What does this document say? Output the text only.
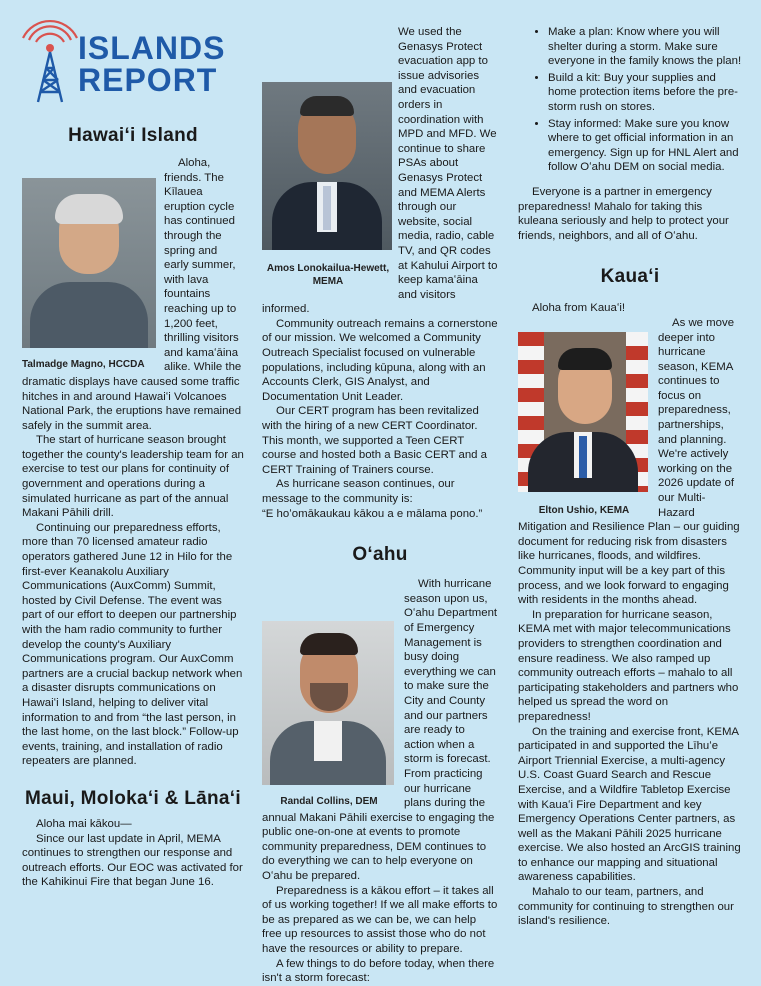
ISLANDS
REPORT
Hawaiʻi Island
Talmadge Magno, HCCDA

Aloha, friends. The Kīlauea eruption cycle has continued through the spring and early summer, with lava fountains reaching up to 1,200 feet, thrilling visitors and kamaʻāina alike. While the dramatic displays have caused some traffic hitches in and around Hawaiʻi Volcanoes National Park, the eruptions have remained safely in the summit area.

The start of hurricane season brought together the county's leadership team for an exercise to test our plans for continuity of government and operations during a simulated hurricane as part of the annual Makani Pāhili drill.

Continuing our preparedness efforts, more than 70 licensed amateur radio operators gathered June 12 in Hilo for the first-ever Keanakolu Auxiliary Communications (AuxComm) Summit, hosted by Civil Defense. The event was part of our effort to deepen our partnership with the ham radio community to further develop the county's Auxiliary Communications program. Our AuxComm partners are a crucial backup network when a disaster disrupts communications on Hawaiʻi Island, helping to deliver vital information to and from “the last person, in the last home, on the last block.” Follow-up events, training, and installation of radio repeaters are planned.

Maui, Molokaʻi & Lānaʻi

Aloha mai kākou—

Since our last update in April, MEMA continues to strengthen our response and outreach efforts. Our EOC was activated for the Kahikinui Fire that began June 16.

Amos Lonokailua-Hewett,
MEMA

We used the Genasys Protect evacuation app to issue advisories and evacuation orders in coordination with MPD and MFD. We continue to share PSAs about Genasys Protect and MEMA Alerts through our website, social media, radio, cable TV, and QR codes at Kahului Airport to keep kamaʻāina and visitors informed.

Community outreach remains a cornerstone of our mission. We welcomed a Community Outreach Specialist focused on vulnerable populations, including kūpuna, along with an Accounts Clerk, GIS Analyst, and Documentation Unit Leader.

Our CERT program has been revitalized with the hiring of a new CERT Coordinator. This month, we supported a Teen CERT course and hosted both a Basic CERT and a CERT Training of Trainers course.

As hurricane season continues, our message to the community is:

“E hoʻomākaukau kākou a e mālama pono.”

Oʻahu
Randal Collins, DEM

With hurricane season upon us, Oʻahu Department of Emergency Management is busy doing everything we can to make sure the City and County and our partners are ready to action when a storm is forecast. From practicing our hurricane plans during the annual Makani Pāhili exercise to engaging the public one-on-one at events to promote community preparedness, DEM continues to do everything we can to help everyone on Oʻahu be prepared.

Preparedness is a kākou effort – it takes all of us working together! If we all make efforts to be as prepared as we can be, we can help free up resources to assist those who do not have the resources or ability to prepare.

A few things to do before today, when there isn't a storm forecast:

• Make a plan: Know where you will shelter during a storm. Make sure everyone in the family knows the plan!
• Build a kit: Buy your supplies and home protection items before the pre-storm rush on stores.
• Stay informed: Make sure you know where to get official information in an emergency. Sign up for HNL Alert and follow Oʻahu DEM on social media.

Everyone is a partner in emergency preparedness! Mahalo for taking this kuleana seriously and help to protect your friends, neighbors, and all of Oʻahu.

Kauaʻi

Aloha from Kauaʻi!

Elton Ushio, KEMA

As we move deeper into hurricane season, KEMA continues to focus on preparedness, partnerships, and planning. We're actively working on the 2026 update of our Multi-Hazard Mitigation and Resilience Plan – our guiding document for reducing risk from disasters like hurricanes, floods, and wildfires. Community input will be a key part of this process, and we look forward to engaging with residents in the months ahead.

In preparation for hurricane season, KEMA met with major telecommunications providers to strengthen coordination and ensure readiness. We also ramped up community outreach efforts – mahalo to all participating stakeholders and partners who helped us spread the word on preparedness!

On the training and exercise front, KEMA participated in and supported the Līhuʻe Airport Triennial Exercise, a multi-agency U.S. Coast Guard Search and Rescue Exercise, and a Wildfire Tabletop Exercise with Kauaʻi Fire Department and key Emergency Operations Center partners, as well as the Makani Pāhili 2025 hurricane exercise. We also hosted an ArcGIS training to enhance our mapping and situational awareness capabilities.

Mahalo to our team, partners, and community for continuing to strengthen our island's resilience.
